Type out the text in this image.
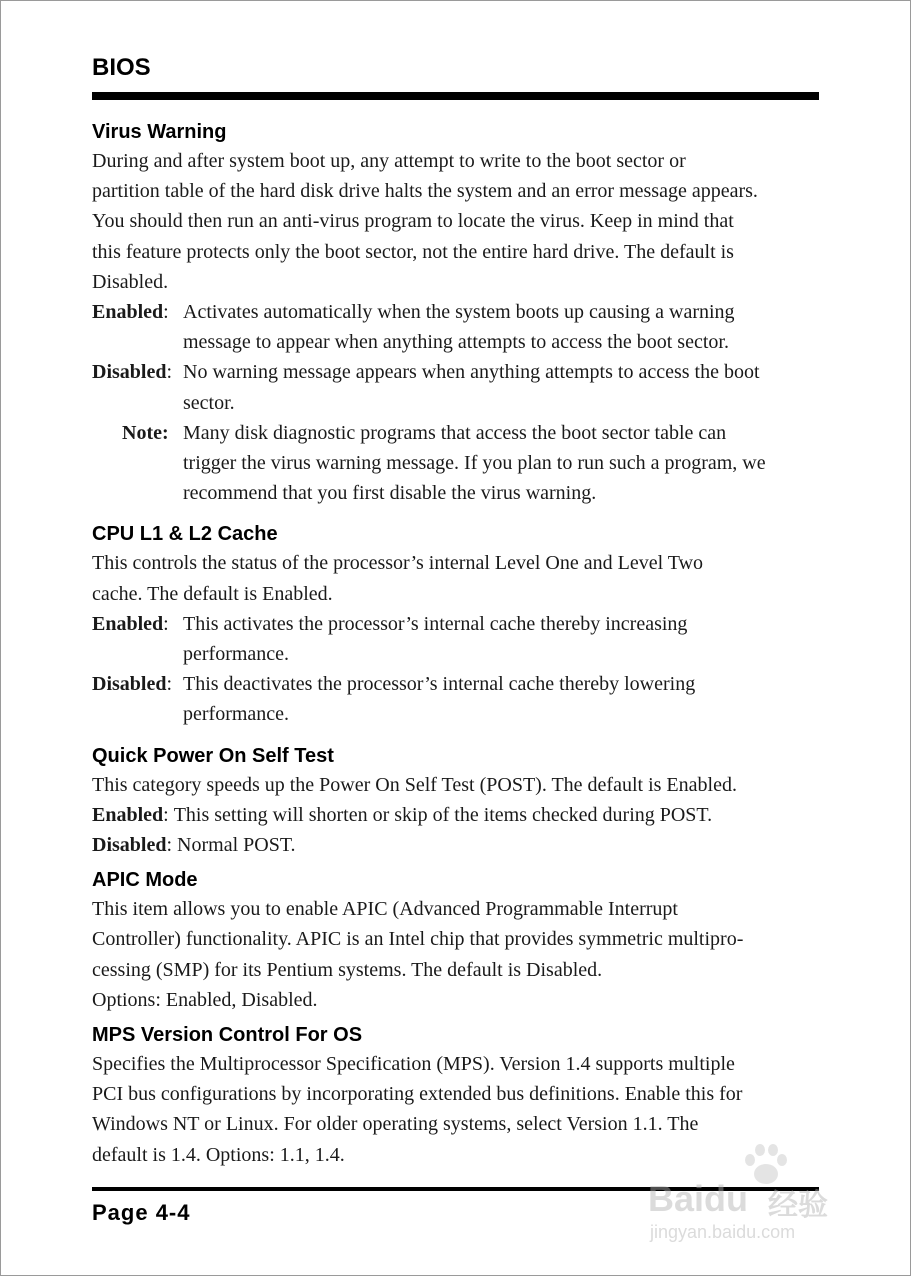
BIOS
Virus Warning

During and after system boot up, any attempt to write to the boot sector or

partition table of the hard disk drive halts the system and an error message appears.

You should then run an anti-virus program to locate the virus. Keep in mind that

this feature protects only the boot sector, not the entire hard drive. The default is

Disabled.

Enabled: Activates automatically when the system boots up causing a warning
message to appear when anything attempts to access the boot sector.
Disabled: No warning message appears when anything attempts to access the boot
sector.
Note: Many disk diagnostic programs that access the boot sector table can
trigger the virus warning message. If you plan to run such a program, we
recommend that you first disable the virus warning.
CPU L1 & L2 Cache

This controls the status of the processor’s internal Level One and Level Two

cache. The default is Enabled.

Enabled: This activates the processor’s internal cache thereby increasing
performance.
Disabled: This deactivates the processor’s internal cache thereby lowering
performance.
Quick Power On Self Test

This category speeds up the Power On Self Test (POST). The default is Enabled.

Enabled: This setting will shorten or skip of the items checked during POST.

Disabled: Normal POST.

APIC Mode

This item allows you to enable APIC (Advanced Programmable Interrupt

Controller) functionality. APIC is an Intel chip that provides symmetric multipro-

cessing (SMP) for its Pentium systems. The default is Disabled.

Options: Enabled, Disabled.

MPS Version Control For OS

Specifies the Multiprocessor Specification (MPS). Version 1.4 supports multiple

PCI bus configurations by incorporating extended bus definitions. Enable this for

Windows NT or Linux. For older operating systems, select Version 1.1. The

default is 1.4. Options: 1.1, 1.4.

Page 4-4	Baidu 经验
jingyan.baidu.com
